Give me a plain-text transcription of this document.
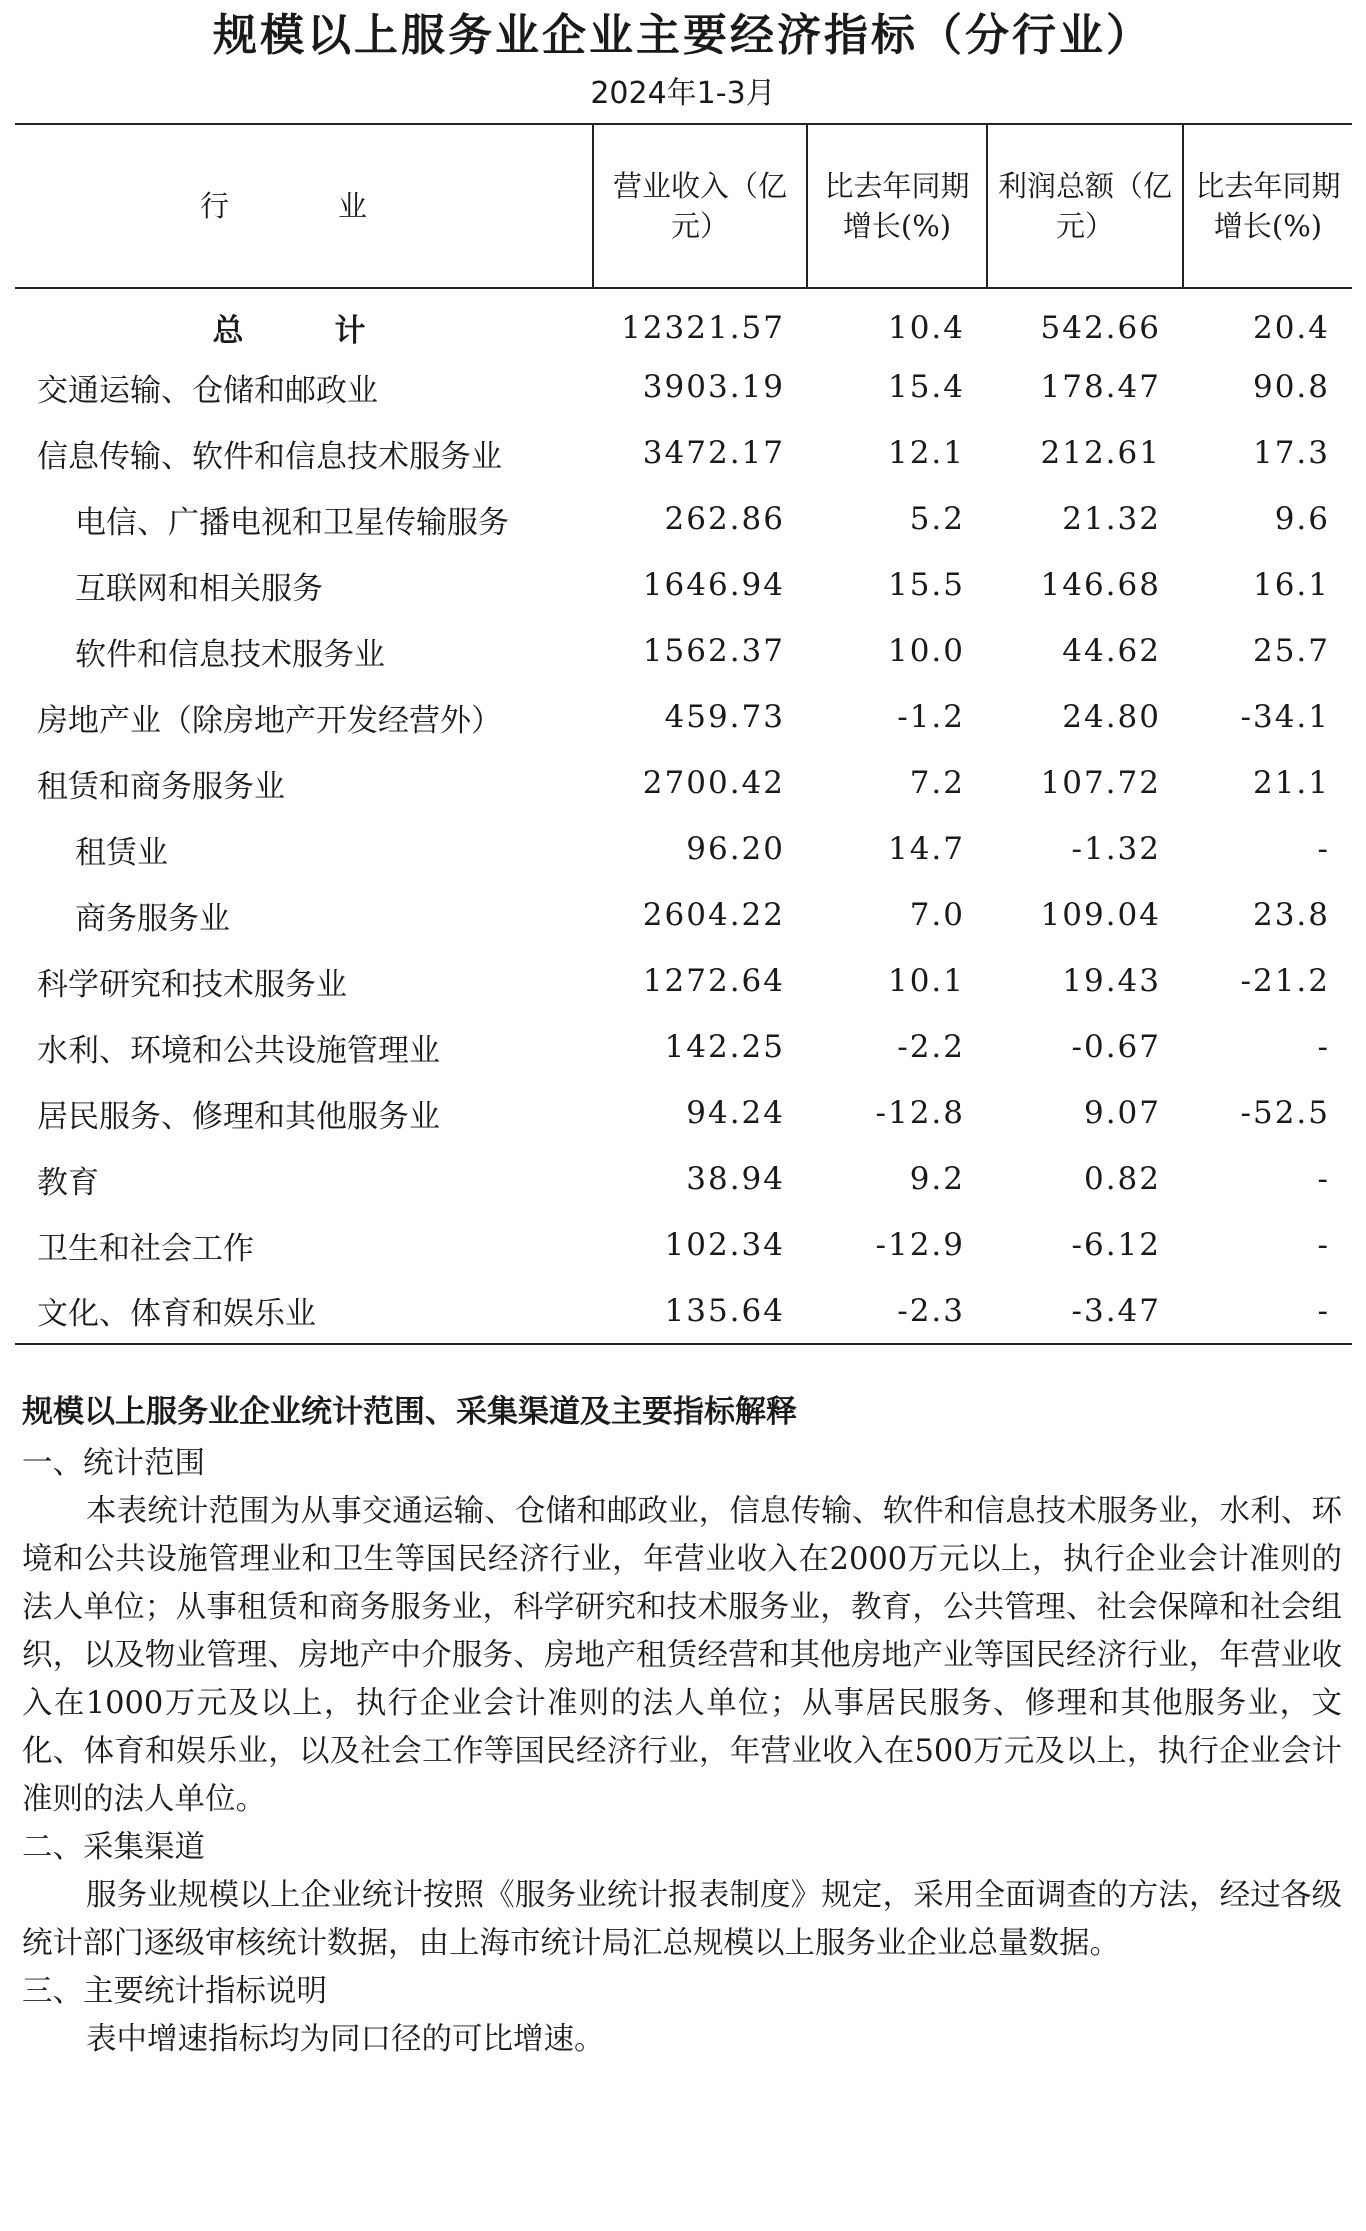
规模以上服务业企业主要经济指标（分行业）
2024年1-3月
行　业	营业收入（亿元）	比去年同期增长(%)	利润总额（亿元）	比去年同期增长(%)
总　计	12321.57	10.4	542.66	20.4
交通运输、仓储和邮政业	3903.19	15.4	178.47	90.8
信息传输、软件和信息技术服务业	3472.17	12.1	212.61	17.3
电信、广播电视和卫星传输服务	262.86	5.2	21.32	9.6
互联网和相关服务	1646.94	15.5	146.68	16.1
软件和信息技术服务业	1562.37	10.0	44.62	25.7
房地产业（除房地产开发经营外）	459.73	-1.2	24.80	-34.1
租赁和商务服务业	2700.42	7.2	107.72	21.1
租赁业	96.20	14.7	-1.32	-
商务服务业	2604.22	7.0	109.04	23.8
科学研究和技术服务业	1272.64	10.1	19.43	-21.2
水利、环境和公共设施管理业	142.25	-2.2	-0.67	-
居民服务、修理和其他服务业	94.24	-12.8	9.07	-52.5
教育	38.94	9.2	0.82	-
卫生和社会工作	102.34	-12.9	-6.12	-
文化、体育和娱乐业	135.64	-2.3	-3.47	-

规模以上服务业企业统计范围、采集渠道及主要指标解释

一、统计范围

本表统计范围为从事交通运输、仓储和邮政业，信息传输、软件和信息技术服务业，水利、环境和公共设施管理业和卫生等国民经济行业，年营业收入在2000万元以上，执行企业会计准则的法人单位；从事租赁和商务服务业，科学研究和技术服务业，教育，公共管理、社会保障和社会组织，以及物业管理、房地产中介服务、房地产租赁经营和其他房地产业等国民经济行业，年营业收入在1000万元及以上，执行企业会计准则的法人单位；从事居民服务、修理和其他服务业，文化、体育和娱乐业，以及社会工作等国民经济行业，年营业收入在500万元及以上，执行企业会计准则的法人单位。

二、采集渠道

服务业规模以上企业统计按照《服务业统计报表制度》规定，采用全面调查的方法，经过各级统计部门逐级审核统计数据，由上海市统计局汇总规模以上服务业企业总量数据。

三、主要统计指标说明

表中增速指标均为同口径的可比增速。
